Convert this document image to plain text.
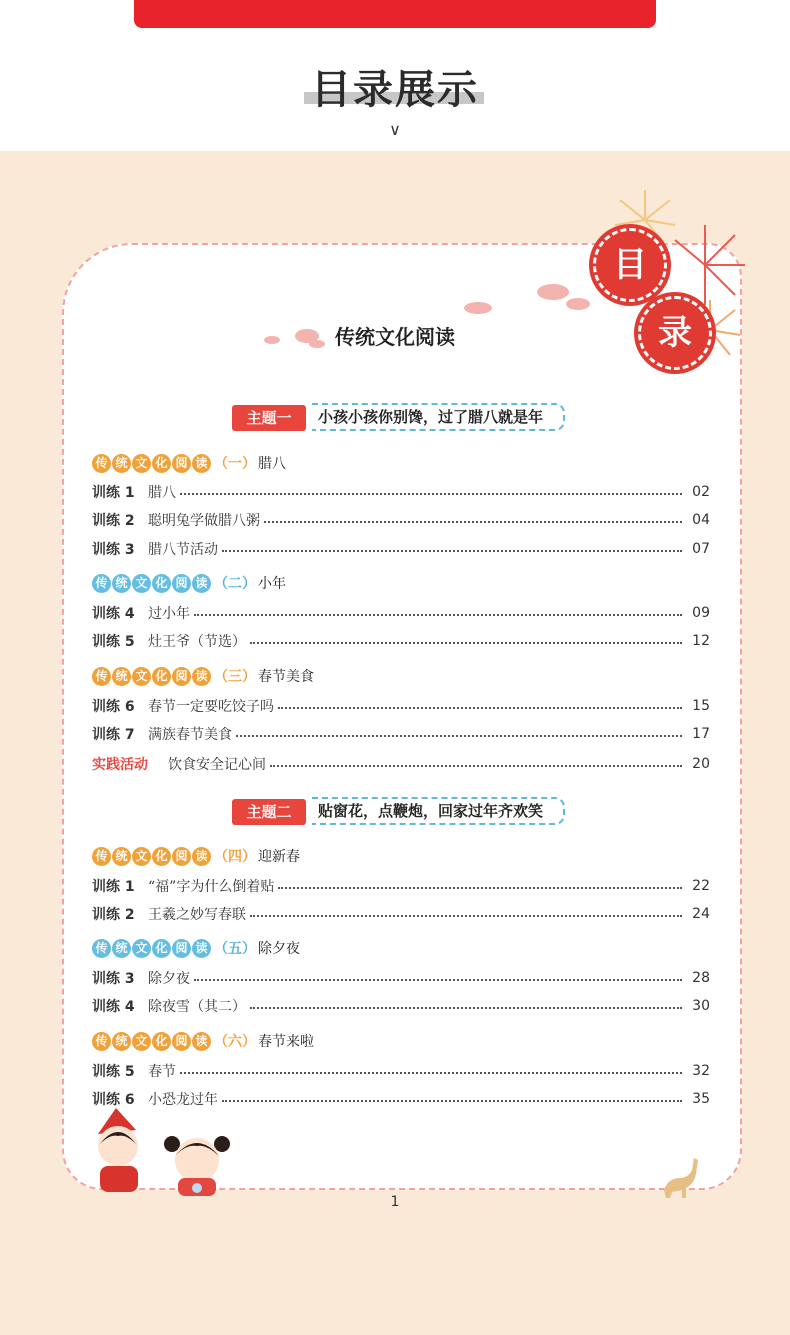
目录展示
∨
目
录
传统文化阅读
主题一	小孩小孩你别馋，过了腊八就是年
传 统 文 化 阅 读 （一） 腊八
训练 1 腊八	02
训练 2 聪明兔学做腊八粥	04
训练 3 腊八节活动	07
传 统 文 化 阅 读 （二） 小年
训练 4 过小年	09
训练 5 灶王爷（节选）	12
传 统 文 化 阅 读 （三） 春节美食
训练 6 春节一定要吃饺子吗	15
训练 7 满族春节美食	17
实践活动	饮食安全记心间	20
主题二	贴窗花，点鞭炮，回家过年齐欢笑
传 统 文 化 阅 读 （四） 迎新春
训练 1 “福”字为什么倒着贴	22
训练 2 王羲之妙写春联	24
传 统 文 化 阅 读 （五） 除夕夜
训练 3 除夕夜	28
训练 4 除夜雪（其二）	30
传 统 文 化 阅 读 （六） 春节来啦
训练 5 春节	32
训练 6 小恐龙过年	35
1
